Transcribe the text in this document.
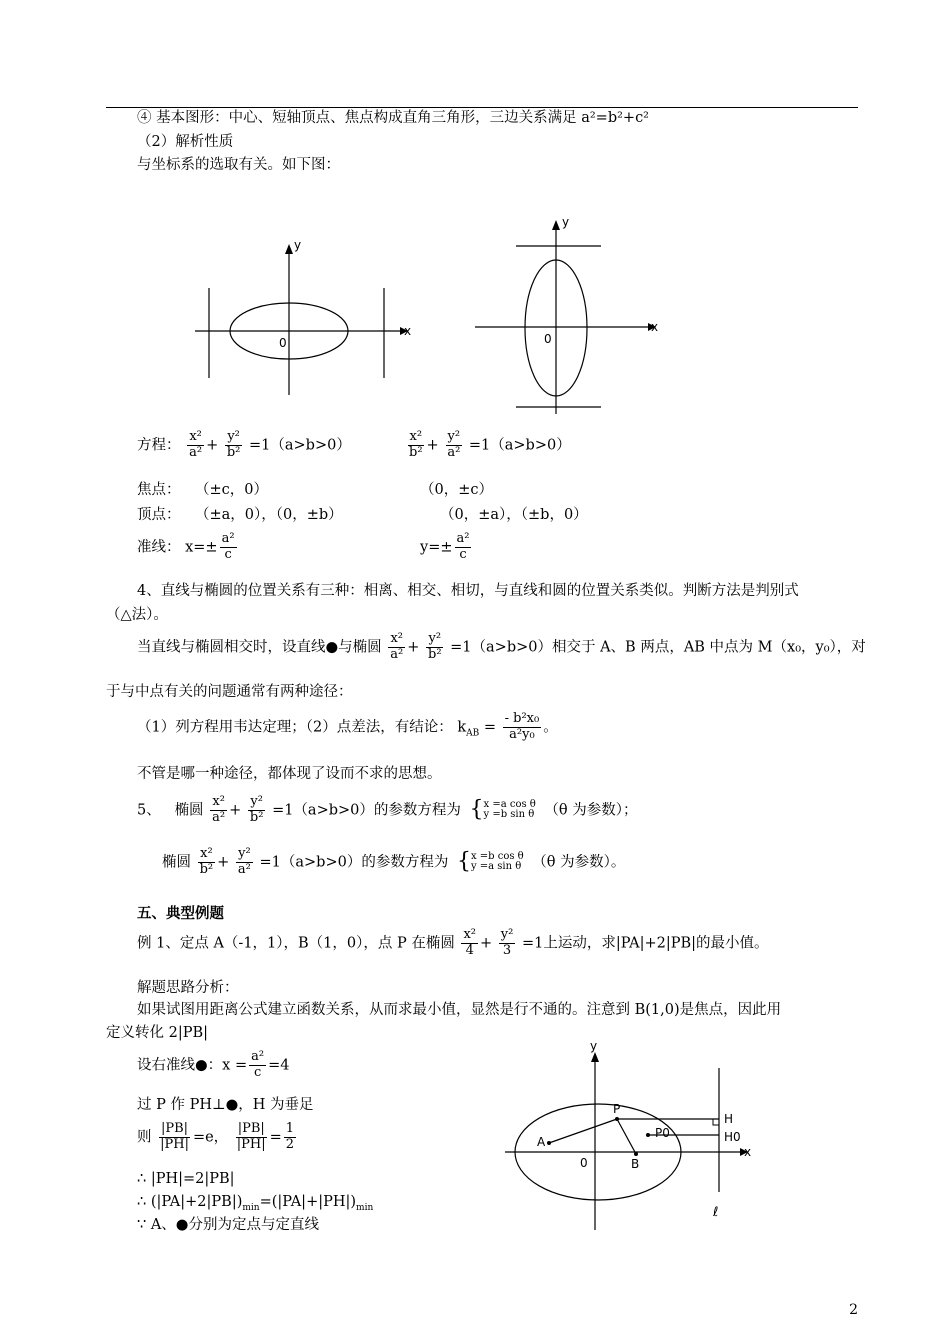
④ 基本图形：中心、短轴顶点、焦点构成直角三角形，三边关系满足 a²=b²+c²
（2）解析性质
与坐标系的选取有关。如下图：
x
y
0
x
y
0
方程： $\frac{\text{x²}}{\text{a²}} + \frac{\text{y²}}{\text{b²}} =1(a>b>0)$	$\frac{\text{x²}}{\text{b²}} + \frac{\text{y²}}{\text{a²}} =1(a>b>0)$
焦点： （±c，0）	（0，±c）
顶点： （±a，0），（0，±b）	（0，±a），（±b，0）
准线： $x=\pm \frac{\text{a²}}{c}$	$y=\pm \frac{\text{a²}}{c}$
4、直线与椭圆的位置关系有三种：相离、相交、相切，与直线和圆的位置关系类似。判断方法是判别式
（△法）。
当直线与椭圆相交时，设直线●与椭圆 $\frac{\text{x²}}{\text{a²}} + \frac{\text{y²}}{\text{b²}} =1(a>b>0)$相交于 A、B 两点，AB 中点为 M（x₀，y₀），对
于与中点有关的问题通常有两种途径：
（1）列方程用韦达定理；（2）点差法，有结论： $k_{AB} = \frac{\text{- b²x₀}}{\text{a²y₀}}$ 。
不管是哪一种途径，都体现了设而不求的思想。
5、 椭圆 $\frac{\text{x²}}{\text{a²}} + \frac{\text{y²}}{\text{b²}} =1(a>b>0)$的参数方程为 {x =a cos θ
y =b sin θ （θ 为参数）；
椭圆 $\frac{\text{x²}}{\text{b²}} + \frac{\text{y²}}{\text{a²}} =1(a>b>0)$的参数方程为 {x =b cos θ
y =a sin θ （θ 为参数）。
五、典型例题
例 1、定点 A（-1，1），B（1，0），点 P 在椭圆 $\frac{\text{x²}}{4} + \frac{\text{y²}}{3} =1$上运动，求|PA|+2|PB|的最小值。
解题思路分析：
如果试图用距离公式建立函数关系，从而求最小值，显然是行不通的。注意到 B(1,0)是焦点，因此用
定义转化 2|PB|
设右准线●：$x = \frac{\text{a²}}{c} =4$
过 P 作 PH⊥●，H 为垂足
则 $\frac{|PB|}{|PH|} =e$， $\frac{|PB|}{|PH|} = \frac{1}{2}$
∴ |PH|=2|PB|
∴ $(|PA|+2|PB|)_{min}=(|PA|+|PH|)_{min}$
∵ A、●分别为定点与定直线
x
y
0
P
H
P0	H0
A
B
ℓ
2
